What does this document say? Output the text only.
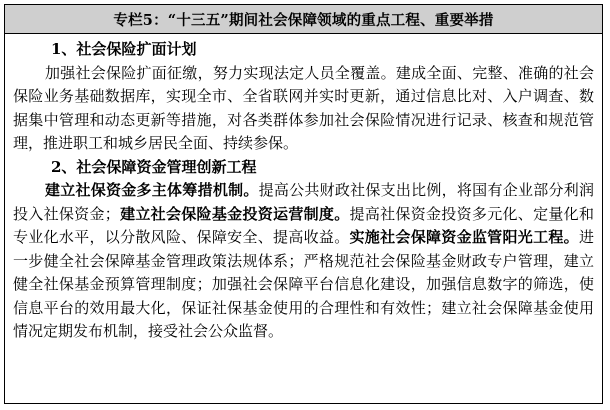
专栏5：“十三五”期间社会保障领域的重点工程、重要举措
1、社会保险扩面计划

加强社会保险扩面征缴，努力实现法定人员全覆盖。建成全面、完整、准确的社会保险业务基础数据库，实现全市、全省联网并实时更新，通过信息比对、入户调查、数据集中管理和动态更新等措施，对各类群体参加社会保险情况进行记录、核查和规范管理，推进职工和城乡居民全面、持续参保。

2、社会保障资金管理创新工程

建立社保资金多主体筹措机制。提高公共财政社保支出比例，将国有企业部分利润投入社保资金；建立社会保险基金投资运营制度。提高社保资金投资多元化、定量化和专业化水平，以分散风险、保障安全、提高收益。实施社会保障资金监管阳光工程。进一步健全社会保障基金管理政策法规体系；严格规范社会保险基金财政专户管理，建立健全社保基金预算管理制度；加强社会保障平台信息化建设，加强信息数字的筛选，使信息平台的效用最大化，保证社保基金使用的合理性和有效性；建立社会保障基金使用情况定期发布机制，接受社会公众监督。
